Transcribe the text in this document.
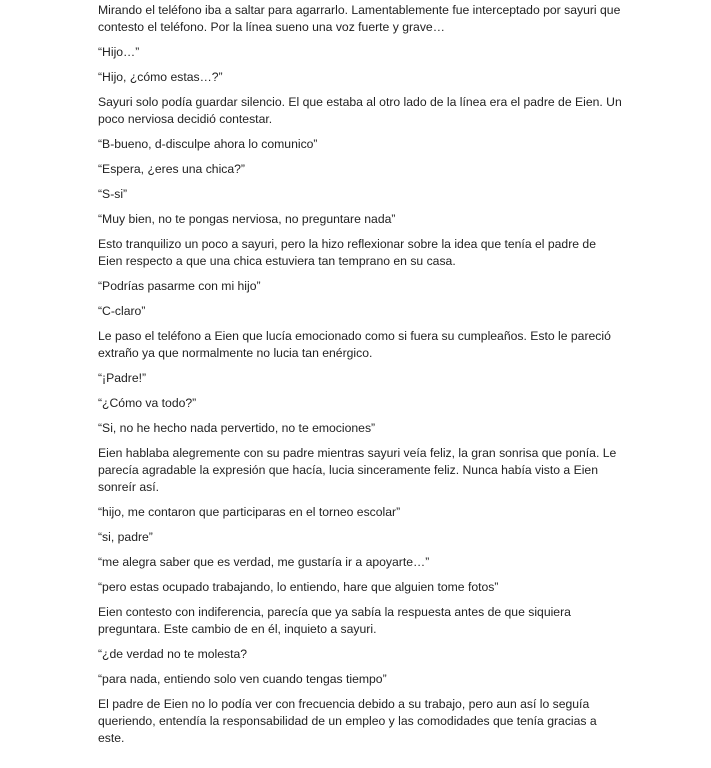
Mirando el teléfono iba a saltar para agarrarlo. Lamentablemente fue interceptado por sayuri que contesto el teléfono. Por la línea sueno una voz fuerte y grave…

“Hijo…”

“Hijo, ¿cómo estas…?”

Sayuri solo podía guardar silencio. El que estaba al otro lado de la línea era el padre de Eien. Un poco nerviosa decidió contestar.

“B-bueno, d-disculpe ahora lo comunico”

“Espera, ¿eres una chica?”

“S-si”

“Muy bien, no te pongas nerviosa, no preguntare nada”

Esto tranquilizo un poco a sayuri, pero la hizo reflexionar sobre la idea que tenía el padre de Eien respecto a que una chica estuviera tan temprano en su casa.

“Podrías pasarme con mi hijo”

“C-claro”

Le paso el teléfono a Eien que lucía emocionado como si fuera su cumpleaños. Esto le pareció extraño ya que normalmente no lucia tan enérgico.

“¡Padre!”

“¿Cómo va todo?”

“Si, no he hecho nada pervertido, no te emociones”

Eien hablaba alegremente con su padre mientras sayuri veía feliz, la gran sonrisa que ponía. Le parecía agradable la expresión que hacía, lucia sinceramente feliz. Nunca había visto a Eien sonreír así.

“hijo, me contaron que participaras en el torneo escolar”

“si, padre”

“me alegra saber que es verdad, me gustaría ir a apoyarte…”

“pero estas ocupado trabajando, lo entiendo, hare que alguien tome fotos”

Eien contesto con indiferencia, parecía que ya sabía la respuesta antes de que siquiera preguntara. Este cambio de en él, inquieto a sayuri.

“¿de verdad no te molesta?

“para nada, entiendo solo ven cuando tengas tiempo”

El padre de Eien no lo podía ver con frecuencia debido a su trabajo, pero aun así lo seguía queriendo, entendía la responsabilidad de un empleo y las comodidades que tenía gracias a este.
